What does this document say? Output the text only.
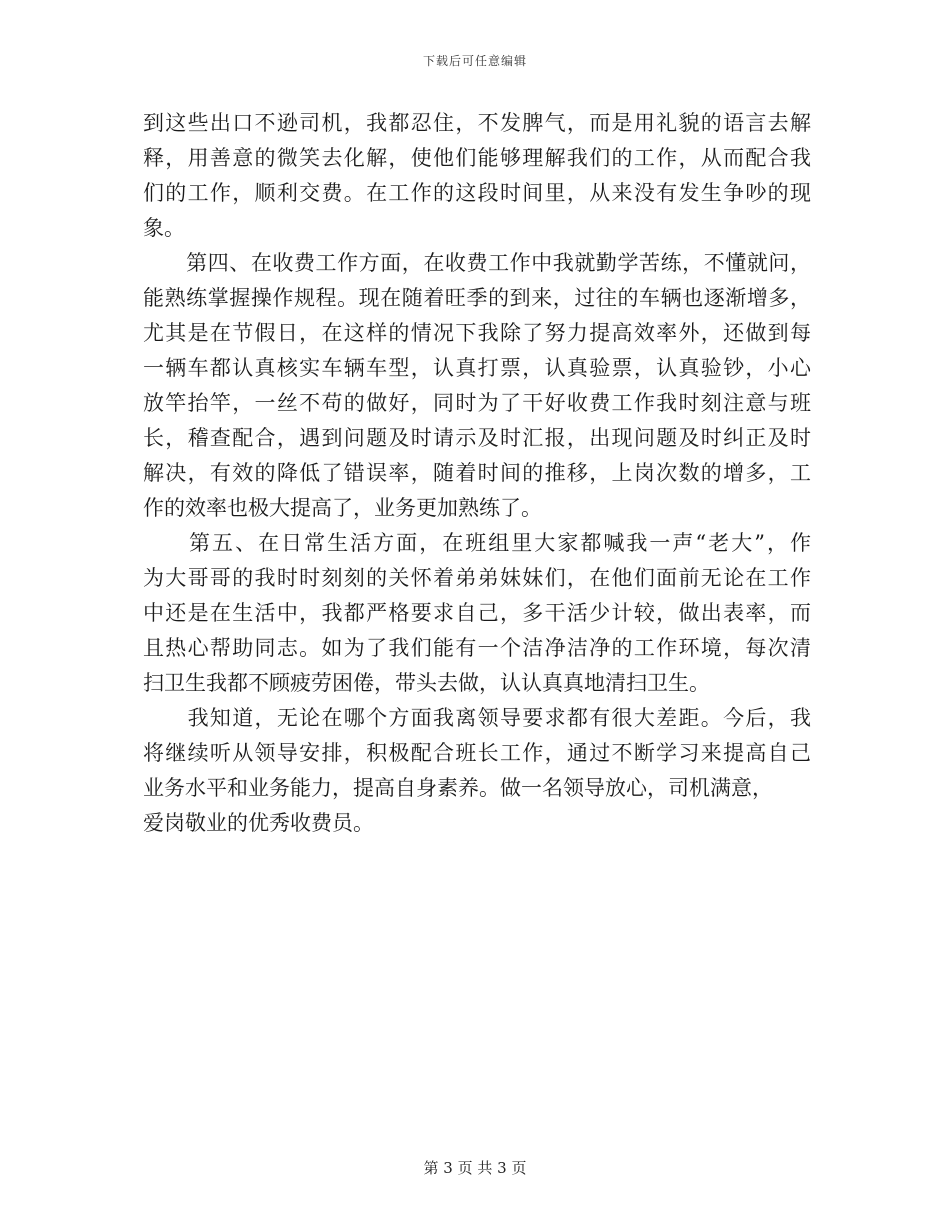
下载后可任意编辑
到这些出口不逊司机，我都忍住，不发脾气，而是用礼貌的语言去解
释，用善意的微笑去化解，使他们能够理解我们的工作，从而配合我
们的工作，顺利交费。在工作的这段时间里，从来没有发生争吵的现
象。
　　第四、在收费工作方面，在收费工作中我就勤学苦练，不懂就问，
能熟练掌握操作规程。现在随着旺季的到来，过往的车辆也逐渐增多，
尤其是在节假日，在这样的情况下我除了努力提高效率外，还做到每
一辆车都认真核实车辆车型，认真打票，认真验票，认真验钞，小心
放竿抬竿，一丝不苟的做好，同时为了干好收费工作我时刻注意与班
长，稽查配合，遇到问题及时请示及时汇报，出现问题及时纠正及时
解决，有效的降低了错误率，随着时间的推移，上岗次数的增多，工
作的效率也极大提高了，业务更加熟练了。
　　第五、在日常生活方面，在班组里大家都喊我一声“老大”，作
为大哥哥的我时时刻刻的关怀着弟弟妹妹们，在他们面前无论在工作
中还是在生活中，我都严格要求自己，多干活少计较，做出表率，而
且热心帮助同志。如为了我们能有一个洁净洁净的工作环境，每次清
扫卫生我都不顾疲劳困倦，带头去做，认认真真地清扫卫生。
　　我知道，无论在哪个方面我离领导要求都有很大差距。今后，我
将继续听从领导安排，积极配合班长工作，通过不断学习来提高自己
业务水平和业务能力，提高自身素养。做一名领导放心，司机满意，
爱岗敬业的优秀收费员。
第 3 页 共 3 页
